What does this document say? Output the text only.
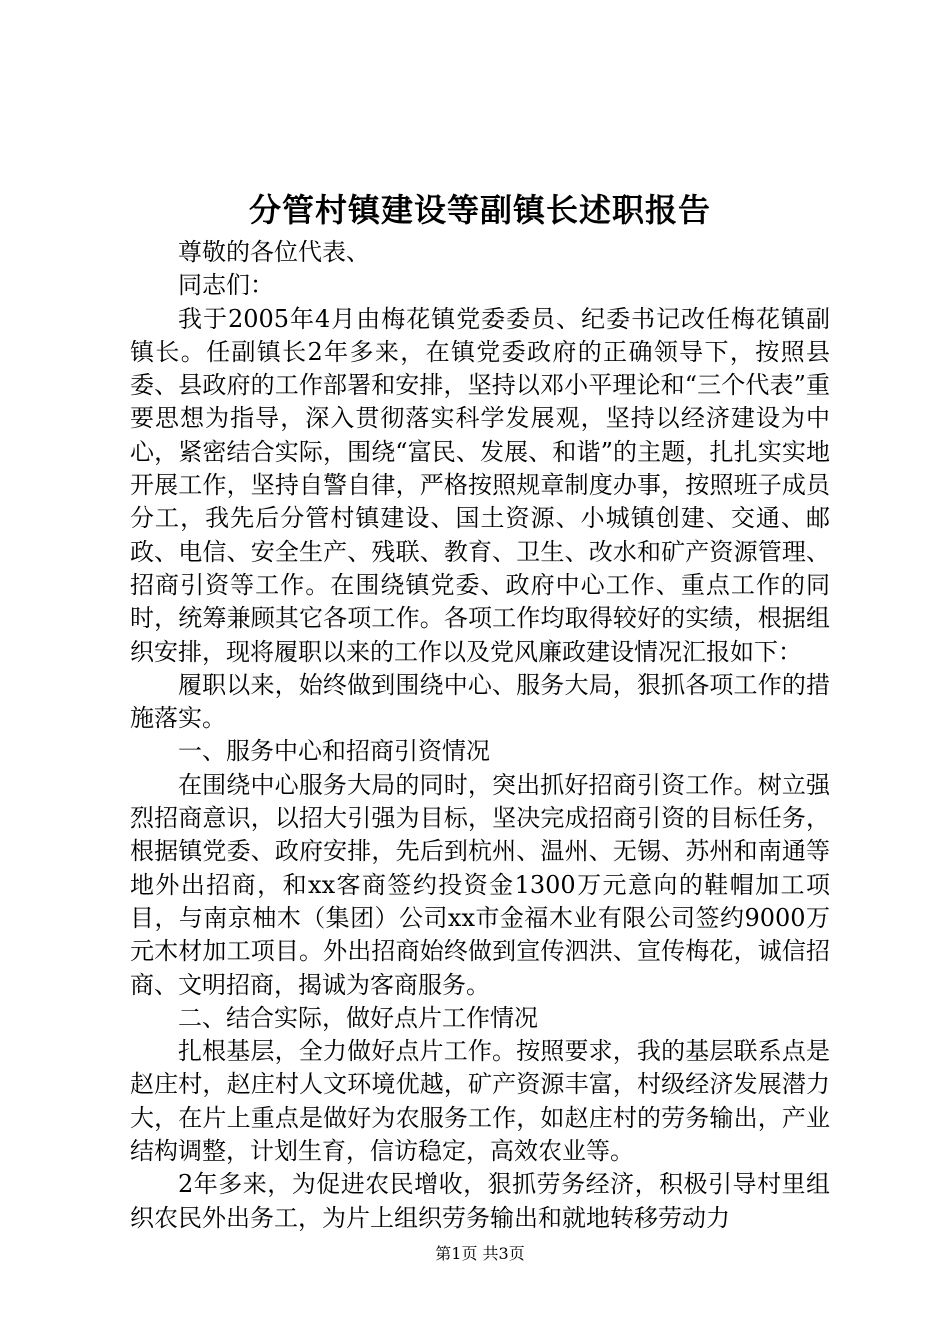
分管村镇建设等副镇长述职报告

尊敬的各位代表、

同志们：

我于2005年4月由梅花镇党委委员、纪委书记改任梅花镇副镇长。任副镇长2年多来，在镇党委政府的正确领导下，按照县委、县政府的工作部署和安排，坚持以邓小平理论和“三个代表”重要思想为指导，深入贯彻落实科学发展观，坚持以经济建设为中心，紧密结合实际，围绕“富民、发展、和谐”的主题，扎扎实实地开展工作，坚持自警自律，严格按照规章制度办事，按照班子成员分工，我先后分管村镇建设、国土资源、小城镇创建、交通、邮政、电信、安全生产、残联、教育、卫生、改水和矿产资源管理、招商引资等工作。在围绕镇党委、政府中心工作、重点工作的同时，统筹兼顾其它各项工作。各项工作均取得较好的实绩，根据组织安排，现将履职以来的工作以及党风廉政建设情况汇报如下：

履职以来，始终做到围绕中心、服务大局，狠抓各项工作的措施落实。

一、服务中心和招商引资情况

在围绕中心服务大局的同时，突出抓好招商引资工作。树立强烈招商意识，以招大引强为目标，坚决完成招商引资的目标任务，根据镇党委、政府安排，先后到杭州、温州、无锡、苏州和南通等地外出招商，和xx客商签约投资金1300万元意向的鞋帽加工项目，与南京柚木（集团）公司xx市金福木业有限公司签约9000万元木材加工项目。外出招商始终做到宣传泗洪、宣传梅花，诚信招商、文明招商，揭诚为客商服务。

二、结合实际，做好点片工作情况

扎根基层，全力做好点片工作。按照要求，我的基层联系点是赵庄村，赵庄村人文环境优越，矿产资源丰富，村级经济发展潜力大，在片上重点是做好为农服务工作，如赵庄村的劳务输出，产业结构调整，计划生育，信访稳定，高效农业等。

2年多来，为促进农民增收，狠抓劳务经济，积极引导村里组织农民外出务工，为片上组织劳务输出和就地转移劳动力

第1页 共3页
